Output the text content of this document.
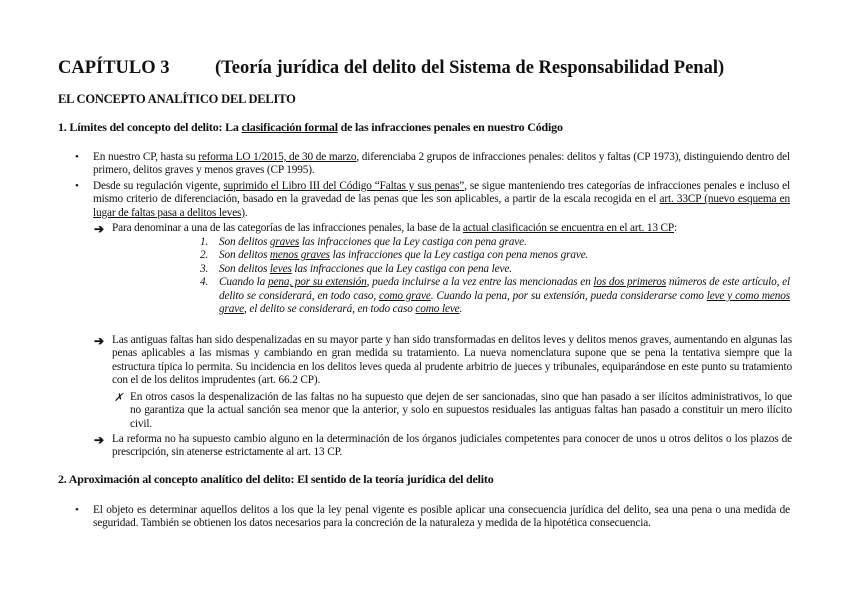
CAPÍTULO 3 (Teoría jurídica del delito del Sistema de Responsabilidad Penal)
EL CONCEPTO ANALÍTICO DEL DELITO
1. Límites del concepto del delito: La clasificación formal de las infracciones penales en nuestro Código
• En nuestro CP, hasta su reforma LO 1/2015, de 30 de marzo, diferenciaba 2 grupos de infracciones penales: delitos y faltas (CP 1973), distinguiendo dentro del primero, delitos graves y menos graves (CP 1995).
• Desde su regulación vigente, suprimido el Libro III del Código “Faltas y sus penas”, se sigue manteniendo tres categorías de infracciones penales e incluso el mismo criterio de diferenciación, basado en la gravedad de las penas que les son aplicables, a partir de la escala recogida en el art. 33CP (nuevo esquema en lugar de faltas pasa a delitos leves).
➔ Para denominar a una de las categorías de las infracciones penales, la base de la actual clasificación se encuentra en el art. 13 CP:
1. Son delitos graves las infracciones que la Ley castiga con pena grave.
2. Son delitos menos graves las infracciones que la Ley castiga con pena menos grave.
3. Son delitos leves las infracciones que la Ley castiga con pena leve.
4. Cuando la pena, por su extensión, pueda incluirse a la vez entre las mencionadas en los dos primeros números de este artículo, el delito se considerará, en todo caso, como grave. Cuando la pena, por su extensión, pueda considerarse como leve y como menos grave, el delito se considerará, en todo caso como leve.
➔ Las antiguas faltas han sido despenalizadas en su mayor parte y han sido transformadas en delitos leves y delitos menos graves, aumentando en algunas las penas aplicables a las mismas y cambiando en gran medida su tratamiento. La nueva nomenclatura supone que se pena la tentativa siempre que la estructura típica lo permita. Su incidencia en los delitos leves queda al prudente arbitrio de jueces y tribunales, equiparándose en este punto su tratamiento con el de los delitos imprudentes (art. 66.2 CP).
✗ En otros casos la despenalización de las faltas no ha supuesto que dejen de ser sancionadas, sino que han pasado a ser ilícitos administrativos, lo que no garantiza que la actual sanción sea menor que la anterior, y solo en supuestos residuales las antiguas faltas han pasado a constituir un mero ilícito civil.
➔ La reforma no ha supuesto cambio alguno en la determinación de los órganos judiciales competentes para conocer de unos u otros delitos o los plazos de prescripción, sin atenerse estrictamente al art. 13 CP.
2. Aproximación al concepto analítico del delito: El sentido de la teoría jurídica del delito
• El objeto es determinar aquellos delitos a los que la ley penal vigente es posible aplicar una consecuencia jurídica del delito, sea una pena o una medida de seguridad. También se obtienen los datos necesarios para la concreción de la naturaleza y medida de la hipotética consecuencia.
